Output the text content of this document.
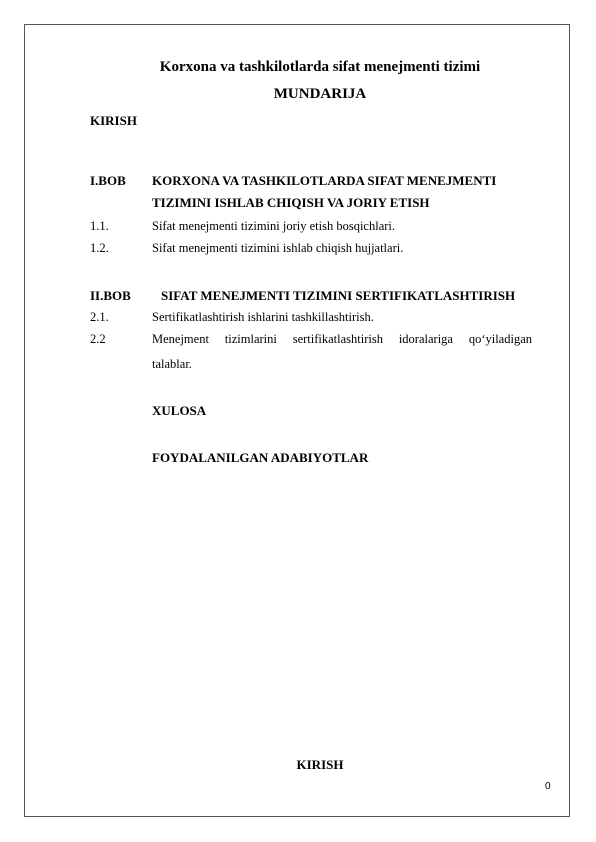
Korxona va tashkilotlarda sifat menejmenti tizimi
MUNDARIJA
KIRISH
I.BOB KORXONA VA TASHKILOTLARDA SIFAT MENEJMENTI
TIZIMINI ISHLAB CHIQISH VA JORIY ETISH
1.1.	Sifat menejmenti tizimini joriy etish bosqichlari.
1.2.	Sifat menejmenti tizimini ishlab chiqish hujjatlari.
II.BOB SIFAT MENEJMENTI TIZIMINI SERTIFIKATLASHTIRISH
2.1.	Sertifikatlashtirish ishlarini tashkillashtirish.
2.2	Menejment tizimlarini sertifikatlashtirish idoralariga qo‘yiladigan
talablar.
XULOSA
FOYDALANILGAN ADABIYOTLAR
KIRISH
0
